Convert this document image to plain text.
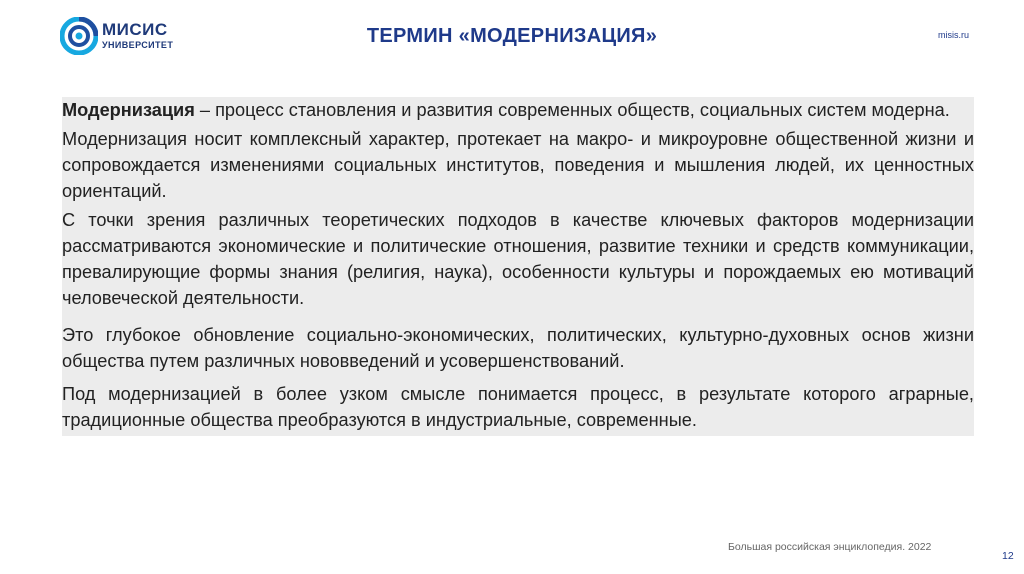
МИСИС
УНИВЕРСИТЕТ	ТЕРМИН «МОДЕРНИЗАЦИЯ»	misis.ru

Модернизация – процесс становления и развития современных обществ, социальных систем модерна.

Модернизация носит комплексный характер, протекает на макро- и микроуровне общественной жизни и сопровождается изменениями социальных институтов, поведения и мышления людей, их ценностных ориентаций.

С точки зрения различных теоретических подходов в качестве ключевых факторов модернизации рассматриваются экономические и политические отношения, развитие техники и средств коммуникации, превалирующие формы знания (религия, наука), особенности культуры и порождаемых ею мотиваций человеческой деятельности.

Это глубокое обновление социально-экономических, политических, культурно-духовных основ жизни общества путем различных нововведений и усовершенствований.

Под модернизацией в более узком смысле понимается процесс, в результате которого аграрные, традиционные общества преобразуются в индустриальные, современные.

Большая российская энциклопедия. 2022
12
